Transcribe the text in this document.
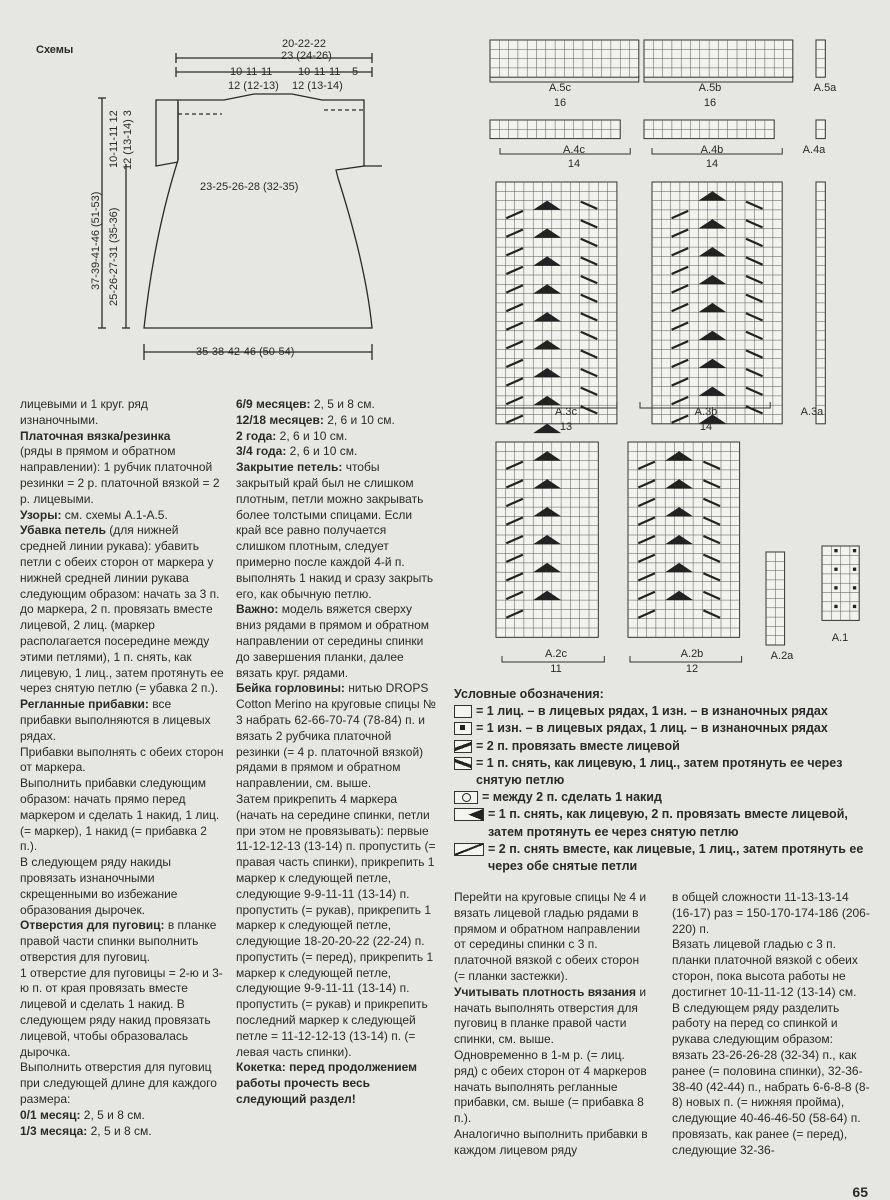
Схемы	20-22-22
23 (24-26)
10-11-11
12 (12-13)
10-11-11
12 (13-14)
5
23-25-26-28 (32-35)
35-38-42-46 (50-54)
37-39-41-46 (51-53) 25-26-27-31 (35-36)
10-11-11 12 12 (13-14) 3
A.5c
16
A.5b
16
A.5a
A.4c
14
A.4b
14
A.4a
A.3c
13
A.3b
14
A.3a
A.2c
11
A.2b
12
A.2a
A.1
Условные обозначения:
= 1 лиц. – в лицевых рядах, 1 изн. – в изнаночных рядах
= 1 изн. – в лицевых рядах, 1 лиц. – в изнаночных рядах
= 2 п. провязать вместе лицевой
= 1 п. снять, как лицевую, 1 лиц., затем протянуть ее через снятую петлю
= между 2 п. сделать 1 накид
= 1 п. снять, как лицевую, 2 п. провязать вместе лицевой, затем протянуть ее через снятую петлю
= 2 п. снять вместе, как лицевые, 1 лиц., затем протянуть ее через обе снятые петли

лицевыми и 1 круг. ряд изнаночными.

Платочная вязка/резинка

(ряды в прямом и обратном направлении): 1 рубчик платочной резинки = 2 р. платочной вязкой = 2 р. лицевыми.

Узоры: см. схемы А.1-А.5.

Убавка петель (для нижней средней линии рукава): убавить петли с обеих сторон от маркера у нижней средней линии рукава следующим образом: начать за 3 п. до маркера, 2 п. провязать вместе лицевой, 2 лиц. (маркер располагается посередине между этими петлями), 1 п. снять, как лицевую, 1 лиц., затем протянуть ее через снятую петлю (= убавка 2 п.).

Регланные прибавки: все прибавки выполняются в лицевых рядах.

Прибавки выполнять с обеих сторон от маркера.

Выполнить прибавки следующим образом: начать прямо перед маркером и сделать 1 накид, 1 лиц. (= маркер), 1 накид (= прибавка 2 п.).

В следующем ряду накиды провязать изнаночными скрещенными во избежание образования дырочек.

Отверстия для пуговиц: в планке правой части спинки выполнить отверстия для пуговиц.

1 отверстие для пуговицы = 2-ю и 3-ю п. от края провязать вместе лицевой и сделать 1 накид. В следующем ряду накид провязать лицевой, чтобы образовалась дырочка.

Выполнить отверстия для пуговиц при следующей длине для каждого размера:

0/1 месяц: 2, 5 и 8 см.

1/3 месяца: 2, 5 и 8 см.

6/9 месяцев: 2, 5 и 8 см.

12/18 месяцев: 2, 6 и 10 см.

2 года: 2, 6 и 10 см.

3/4 года: 2, 6 и 10 см.

Закрытие петель: чтобы закрытый край был не слишком плотным, петли можно закрывать более толстыми спицами. Если край все равно получается слишком плотным, следует примерно после каждой 4-й п. выполнять 1 накид и сразу закрыть его, как обычную петлю.

Важно: модель вяжется сверху вниз рядами в прямом и обратном направлении от середины спинки до завершения планки, далее вязать круг. рядами.

Бейка горловины: нитью DROPS Cotton Merino на круговые спицы № 3 набрать 62-66-70-74 (78-84) п. и вязать 2 рубчика платочной резинки (= 4 р. платочной вязкой) рядами в прямом и обратном направлении, см. выше.

Затем прикрепить 4 маркера (начать на середине спинки, петли при этом не провязывать): первые 11-12-12-13 (13-14) п. пропустить (= правая часть спинки), прикрепить 1 маркер к следующей петле, следующие 9-9-11-11 (13-14) п. пропустить (= рукав), прикрепить 1 маркер к следующей петле, следующие 18-20-20-22 (22-24) п. пропустить (= перед), прикрепить 1 маркер к следующей петле, следующие 9-9-11-11 (13-14) п. пропустить (= рукав) и прикрепить последний маркер к следующей петле = 11-12-12-13 (13-14) п. (= левая часть спинки).

Кокетка: перед продолжением работы прочесть весь следующий раздел!

Перейти на круговые спицы № 4 и вязать лицевой гладью рядами в прямом и обратном направлении от середины спинки с 3 п. платочной вязкой с обеих сторон (= планки застежки).

Учитывать плотность вязания и начать выполнять отверстия для пуговиц в планке правой части спинки, см. выше.

Одновременно в 1-м р. (= лиц. ряд) с обеих сторон от 4 маркеров начать выполнять регланные прибавки, см. выше (= прибавка 8 п.).

Аналогично выполнить прибавки в каждом лицевом ряду

в общей сложности 11-13-13-14 (16-17) раз = 150-170-174-186 (206-220) п.

Вязать лицевой гладью с 3 п. планки платочной вязкой с обеих сторон, пока высота работы не достигнет 10-11-11-12 (13-14) см.

В следующем ряду разделить работу на перед со спинкой и рукава следующим образом: вязать 23-26-26-28 (32-34) п., как ранее (= половина спинки), 32-36-38-40 (42-44) п., набрать 6-6-8-8 (8-8) новых п. (= нижняя пройма), следующие 40-46-46-50 (58-64) п. провязать, как ранее (= перед), следующие 32-36-

65
